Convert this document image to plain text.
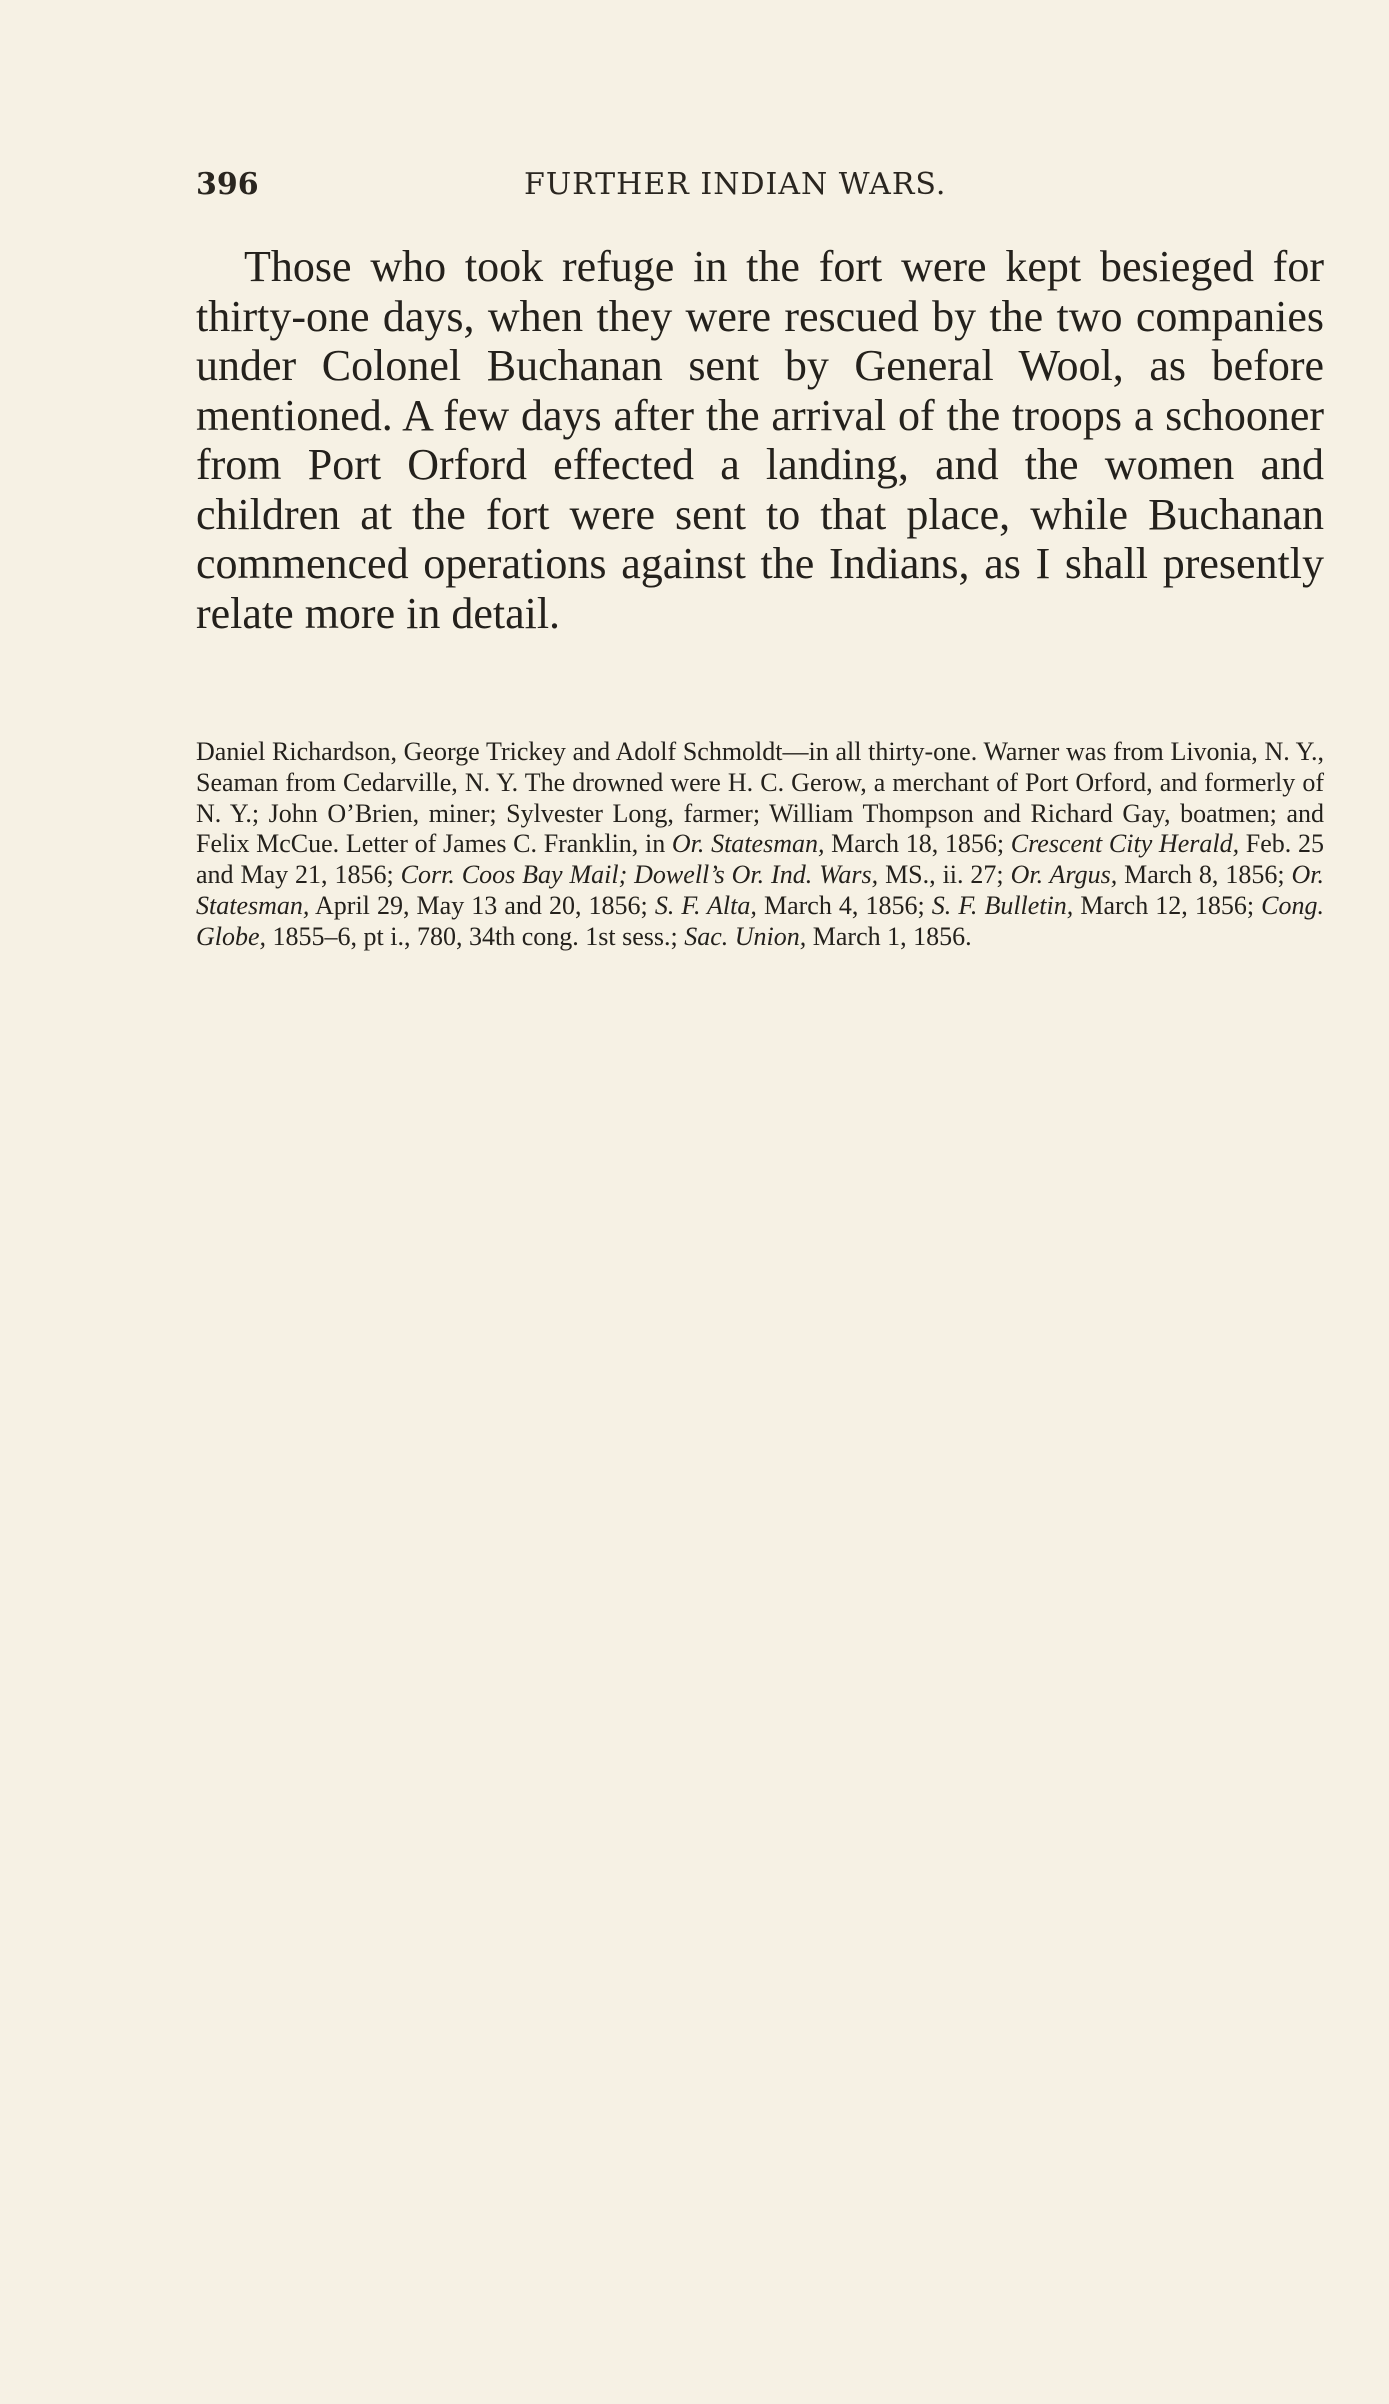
396	FURTHER INDIAN WARS.

Those who took refuge in the fort were kept besieged for thirty-one days, when they were rescued by the two companies under Colonel Buchanan sent by General Wool, as before mentioned. A few days after the arrival of the troops a schooner from Port Orford effected a landing, and the women and children at the fort were sent to that place, while Buchanan commenced operations against the Indians, as I shall presently relate more in detail.

Daniel Richardson, George Trickey and Adolf Schmoldt—in all thirty-one. Warner was from Livonia, N. Y., Seaman from Cedarville, N. Y. The drowned were H. C. Gerow, a merchant of Port Orford, and formerly of N. Y.; John O’Brien, miner; Sylvester Long, farmer; William Thompson and Richard Gay, boatmen; and Felix McCue. Letter of James C. Franklin, in Or. Statesman, March 18, 1856; Crescent City Herald, Feb. 25 and May 21, 1856; Corr. Coos Bay Mail; Dowell’s Or. Ind. Wars, MS., ii. 27; Or. Argus, March 8, 1856; Or. Statesman, April 29, May 13 and 20, 1856; S. F. Alta, March 4, 1856; S. F. Bulletin, March 12, 1856; Cong. Globe, 1855–6, pt i., 780, 34th cong. 1st sess.; Sac. Union, March 1, 1856.
